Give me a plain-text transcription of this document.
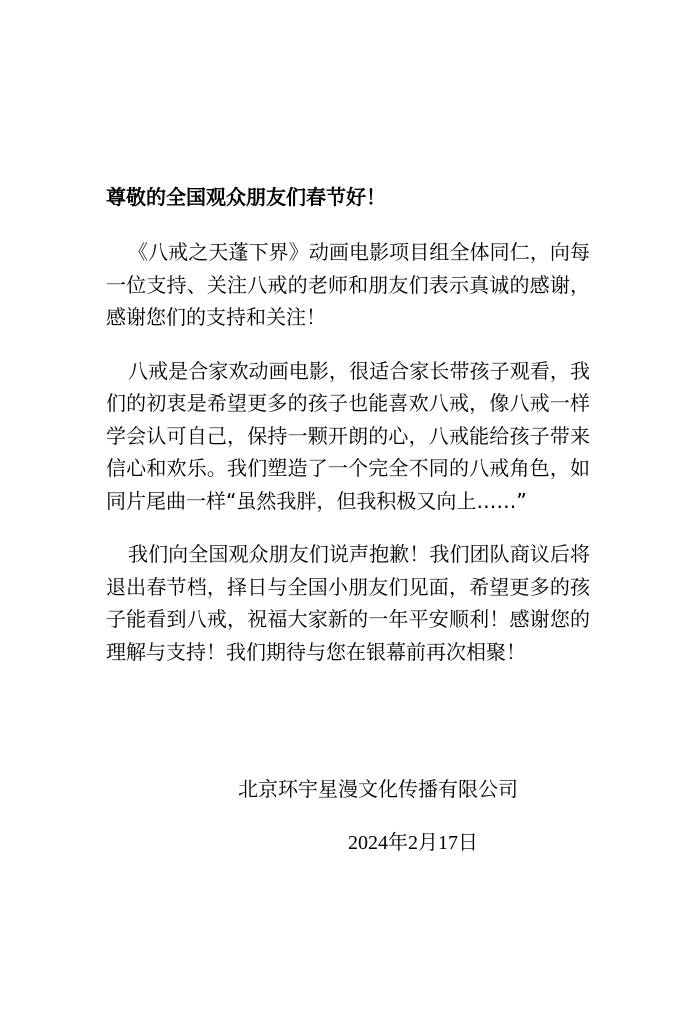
尊敬的全国观众朋友们春节好！

《八戒之天蓬下界》动画电影项目组全体同仁，向每一位支持、关注八戒的老师和朋友们表示真诚的感谢，感谢您们的支持和关注！

八戒是合家欢动画电影，很适合家长带孩子观看，我们的初衷是希望更多的孩子也能喜欢八戒，像八戒一样学会认可自己，保持一颗开朗的心，八戒能给孩子带来信心和欢乐。我们塑造了一个完全不同的八戒角色，如同片尾曲一样“虽然我胖，但我积极又向上……”

我们向全国观众朋友们说声抱歉！我们团队商议后将退出春节档，择日与全国小朋友们见面，希望更多的孩子能看到八戒，祝福大家新的一年平安顺利！感谢您的理解与支持！我们期待与您在银幕前再次相聚！

北京环宇星漫文化传播有限公司
2024年2月17日
